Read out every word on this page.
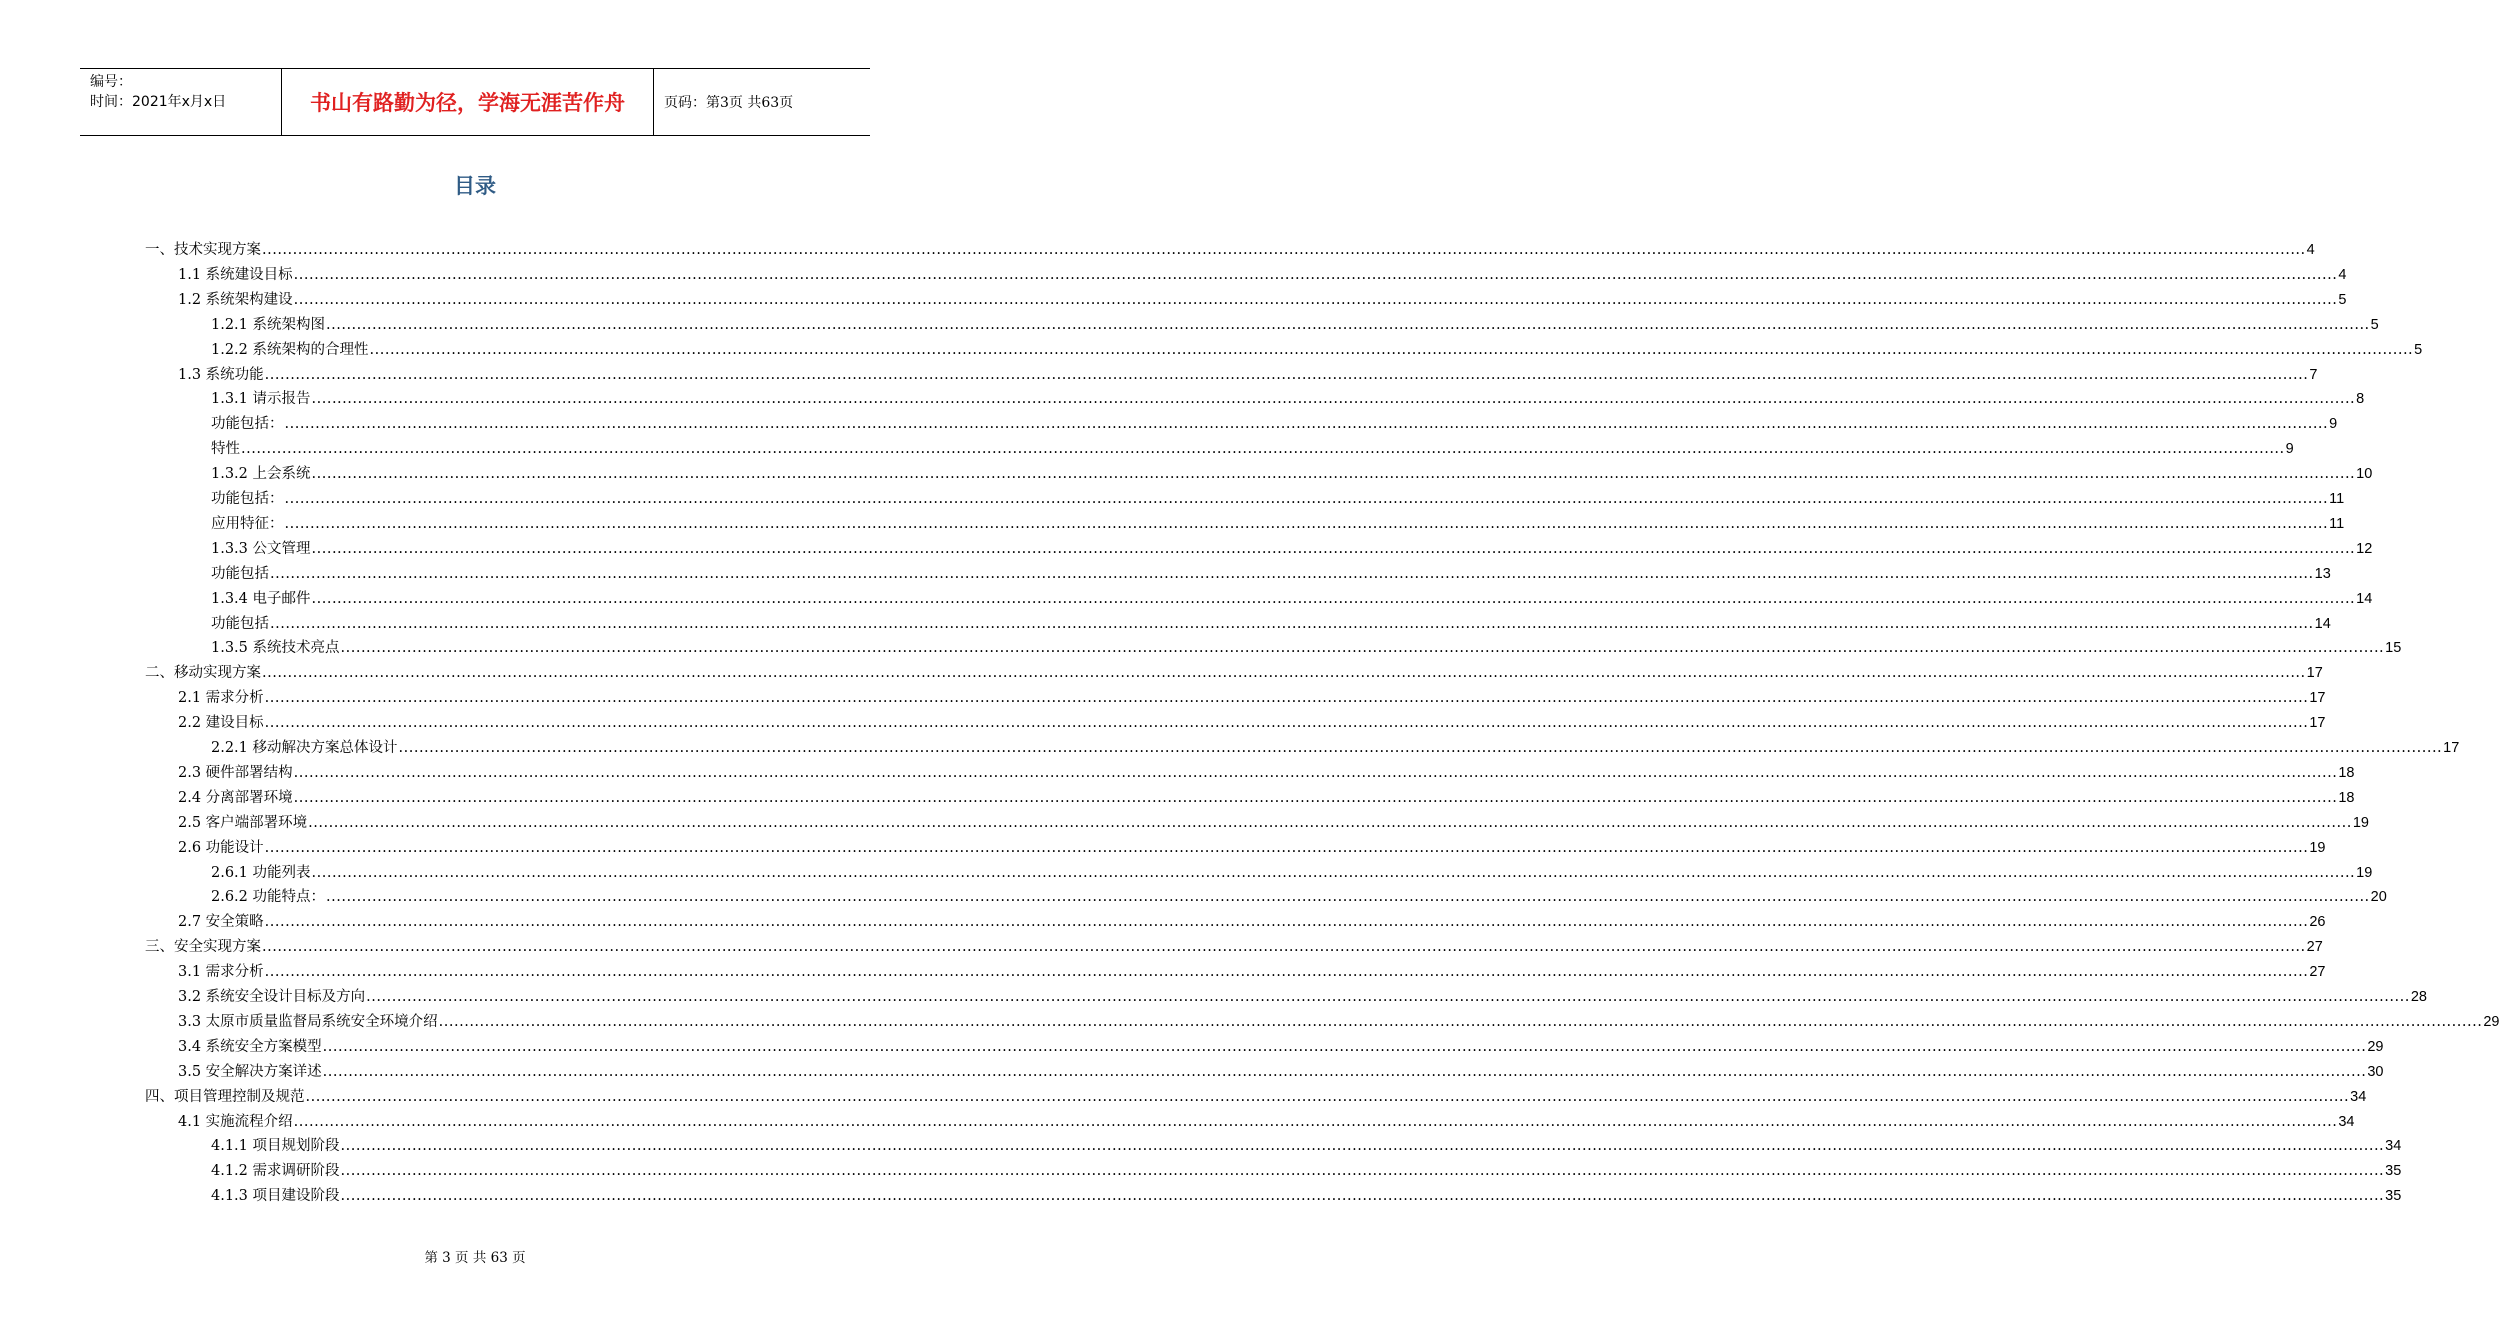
编号：
时间：2021年x月x日	书山有路勤为径，学海无涯苦作舟	页码：第3页 共63页
目录
一、技术实现方案 ................................................................................................................................................................................................................................................................................................................................................................................................................ 4
1.1 系统建设目标 ................................................................................................................................................................................................................................................................................................................................................................................................................ 4
1.2 系统架构建设 ................................................................................................................................................................................................................................................................................................................................................................................................................ 5
1.2.1 系统架构图 ................................................................................................................................................................................................................................................................................................................................................................................................................ 5
1.2.2 系统架构的合理性 ................................................................................................................................................................................................................................................................................................................................................................................................................ 5
1.3 系统功能 ................................................................................................................................................................................................................................................................................................................................................................................................................ 7
1.3.1 请示报告 ................................................................................................................................................................................................................................................................................................................................................................................................................ 8
功能包括： ................................................................................................................................................................................................................................................................................................................................................................................................................ 9
特性 ................................................................................................................................................................................................................................................................................................................................................................................................................ 9
1.3.2 上会系统 ................................................................................................................................................................................................................................................................................................................................................................................................................ 10
功能包括： ................................................................................................................................................................................................................................................................................................................................................................................................................ 11
应用特征： ................................................................................................................................................................................................................................................................................................................................................................................................................ 11
1.3.3 公文管理 ................................................................................................................................................................................................................................................................................................................................................................................................................ 12
功能包括 ................................................................................................................................................................................................................................................................................................................................................................................................................ 13
1.3.4 电子邮件 ................................................................................................................................................................................................................................................................................................................................................................................................................ 14
功能包括 ................................................................................................................................................................................................................................................................................................................................................................................................................ 14
1.3.5 系统技术亮点 ................................................................................................................................................................................................................................................................................................................................................................................................................ 15
二、移动实现方案 ................................................................................................................................................................................................................................................................................................................................................................................................................ 17
2.1 需求分析 ................................................................................................................................................................................................................................................................................................................................................................................................................ 17
2.2 建设目标 ................................................................................................................................................................................................................................................................................................................................................................................................................ 17
2.2.1 移动解决方案总体设计 ................................................................................................................................................................................................................................................................................................................................................................................................................ 17
2.3 硬件部署结构 ................................................................................................................................................................................................................................................................................................................................................................................................................ 18
2.4 分离部署环境 ................................................................................................................................................................................................................................................................................................................................................................................................................ 18
2.5 客户端部署环境 ................................................................................................................................................................................................................................................................................................................................................................................................................ 19
2.6 功能设计 ................................................................................................................................................................................................................................................................................................................................................................................................................ 19
2.6.1 功能列表 ................................................................................................................................................................................................................................................................................................................................................................................................................ 19
2.6.2 功能特点： ................................................................................................................................................................................................................................................................................................................................................................................................................ 20
2.7 安全策略 ................................................................................................................................................................................................................................................................................................................................................................................................................ 26
三、安全实现方案 ................................................................................................................................................................................................................................................................................................................................................................................................................ 27
3.1 需求分析 ................................................................................................................................................................................................................................................................................................................................................................................................................ 27
3.2 系统安全设计目标及方向 ................................................................................................................................................................................................................................................................................................................................................................................................................ 28
3.3 太原市质量监督局系统安全环境介绍 ................................................................................................................................................................................................................................................................................................................................................................................................................ 29
3.4 系统安全方案模型 ................................................................................................................................................................................................................................................................................................................................................................................................................ 29
3.5 安全解决方案详述 ................................................................................................................................................................................................................................................................................................................................................................................................................ 30
四、项目管理控制及规范 ................................................................................................................................................................................................................................................................................................................................................................................................................ 34
4.1 实施流程介绍 ................................................................................................................................................................................................................................................................................................................................................................................................................ 34
4.1.1 项目规划阶段 ................................................................................................................................................................................................................................................................................................................................................................................................................ 34
4.1.2 需求调研阶段 ................................................................................................................................................................................................................................................................................................................................................................................................................ 35
4.1.3 项目建设阶段 ................................................................................................................................................................................................................................................................................................................................................................................................................ 35
第 3 页 共 63 页
